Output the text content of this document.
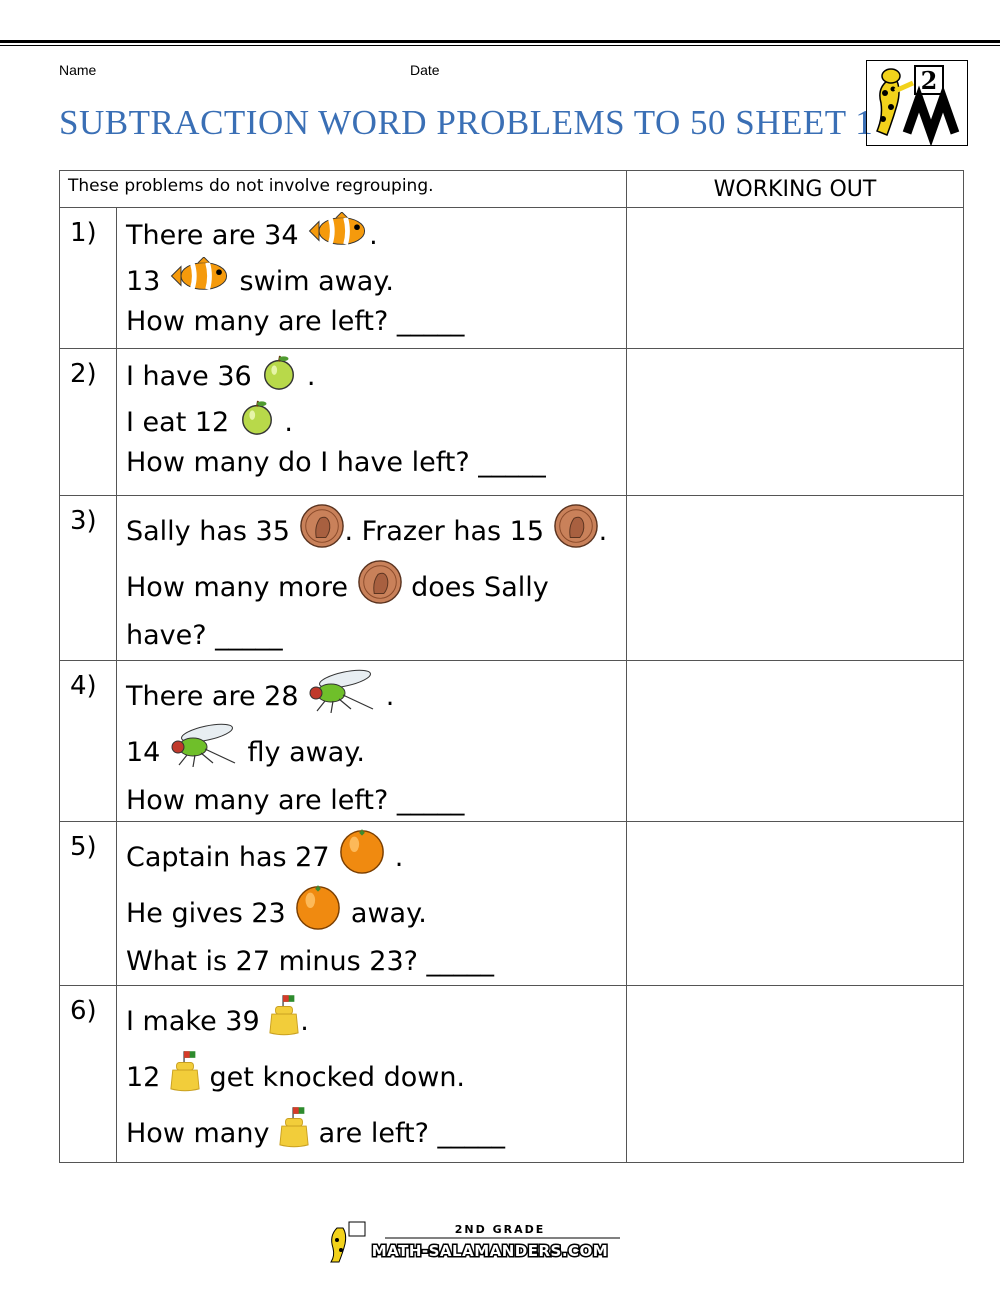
Name	Date
SUBTRACTION WORD PROBLEMS TO 50 SHEET 1
2
These problems do not involve regrouping.		WORKING OUT
1)	There are 34 .
13 swim away.
How many are left? _____	

2)	I have 36 .
I eat 12 .
How many do I have left? _____	

3)	Sally has 35 . Frazer has 15 .
How many more does Sally
have? _____	

4)	There are 28 .
14 fly away.
How many are left? _____	

5)	Captain has 27 .
He gives 23 away.
What is 27 minus 23? _____	

6)	I make 39 .
12 get knocked down.
How many are left? _____	

2ND GRADE
MATH-SALAMANDERS.COM
